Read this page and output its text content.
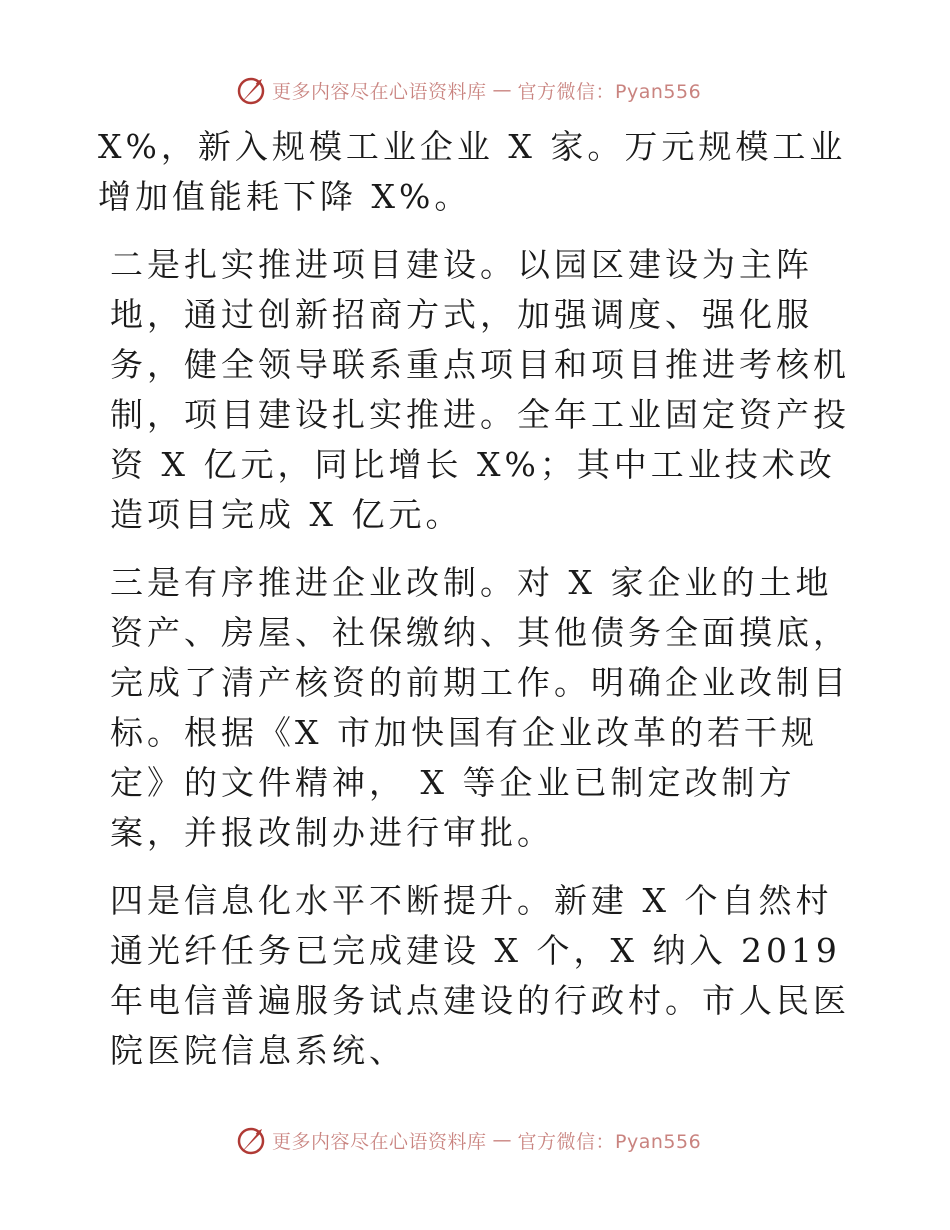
更多内容尽在心语资料库 — 官方微信：Pyan556

X%，新入规模工业企业 X 家。万元规模工业增加值能耗下降 X%。

二是扎实推进项目建设。以园区建设为主阵地，通过创新招商方式，加强调度、强化服务，健全领导联系重点项目和项目推进考核机制，项目建设扎实推进。全年工业固定资产投资 X 亿元，同比增长 X%；其中工业技术改造项目完成 X 亿元。

三是有序推进企业改制。对 X 家企业的土地资产、房屋、社保缴纳、其他债务全面摸底，完成了清产核资的前期工作。明确企业改制目标。根据《X 市加快国有企业改革的若干规定》的文件精神， X 等企业已制定改制方案，并报改制办进行审批。

四是信息化水平不断提升。新建 X 个自然村通光纤任务已完成建设 X 个，X 纳入 2019 年电信普遍服务试点建设的行政村。市人民医院医院信息系统、

更多内容尽在心语资料库 — 官方微信：Pyan556
